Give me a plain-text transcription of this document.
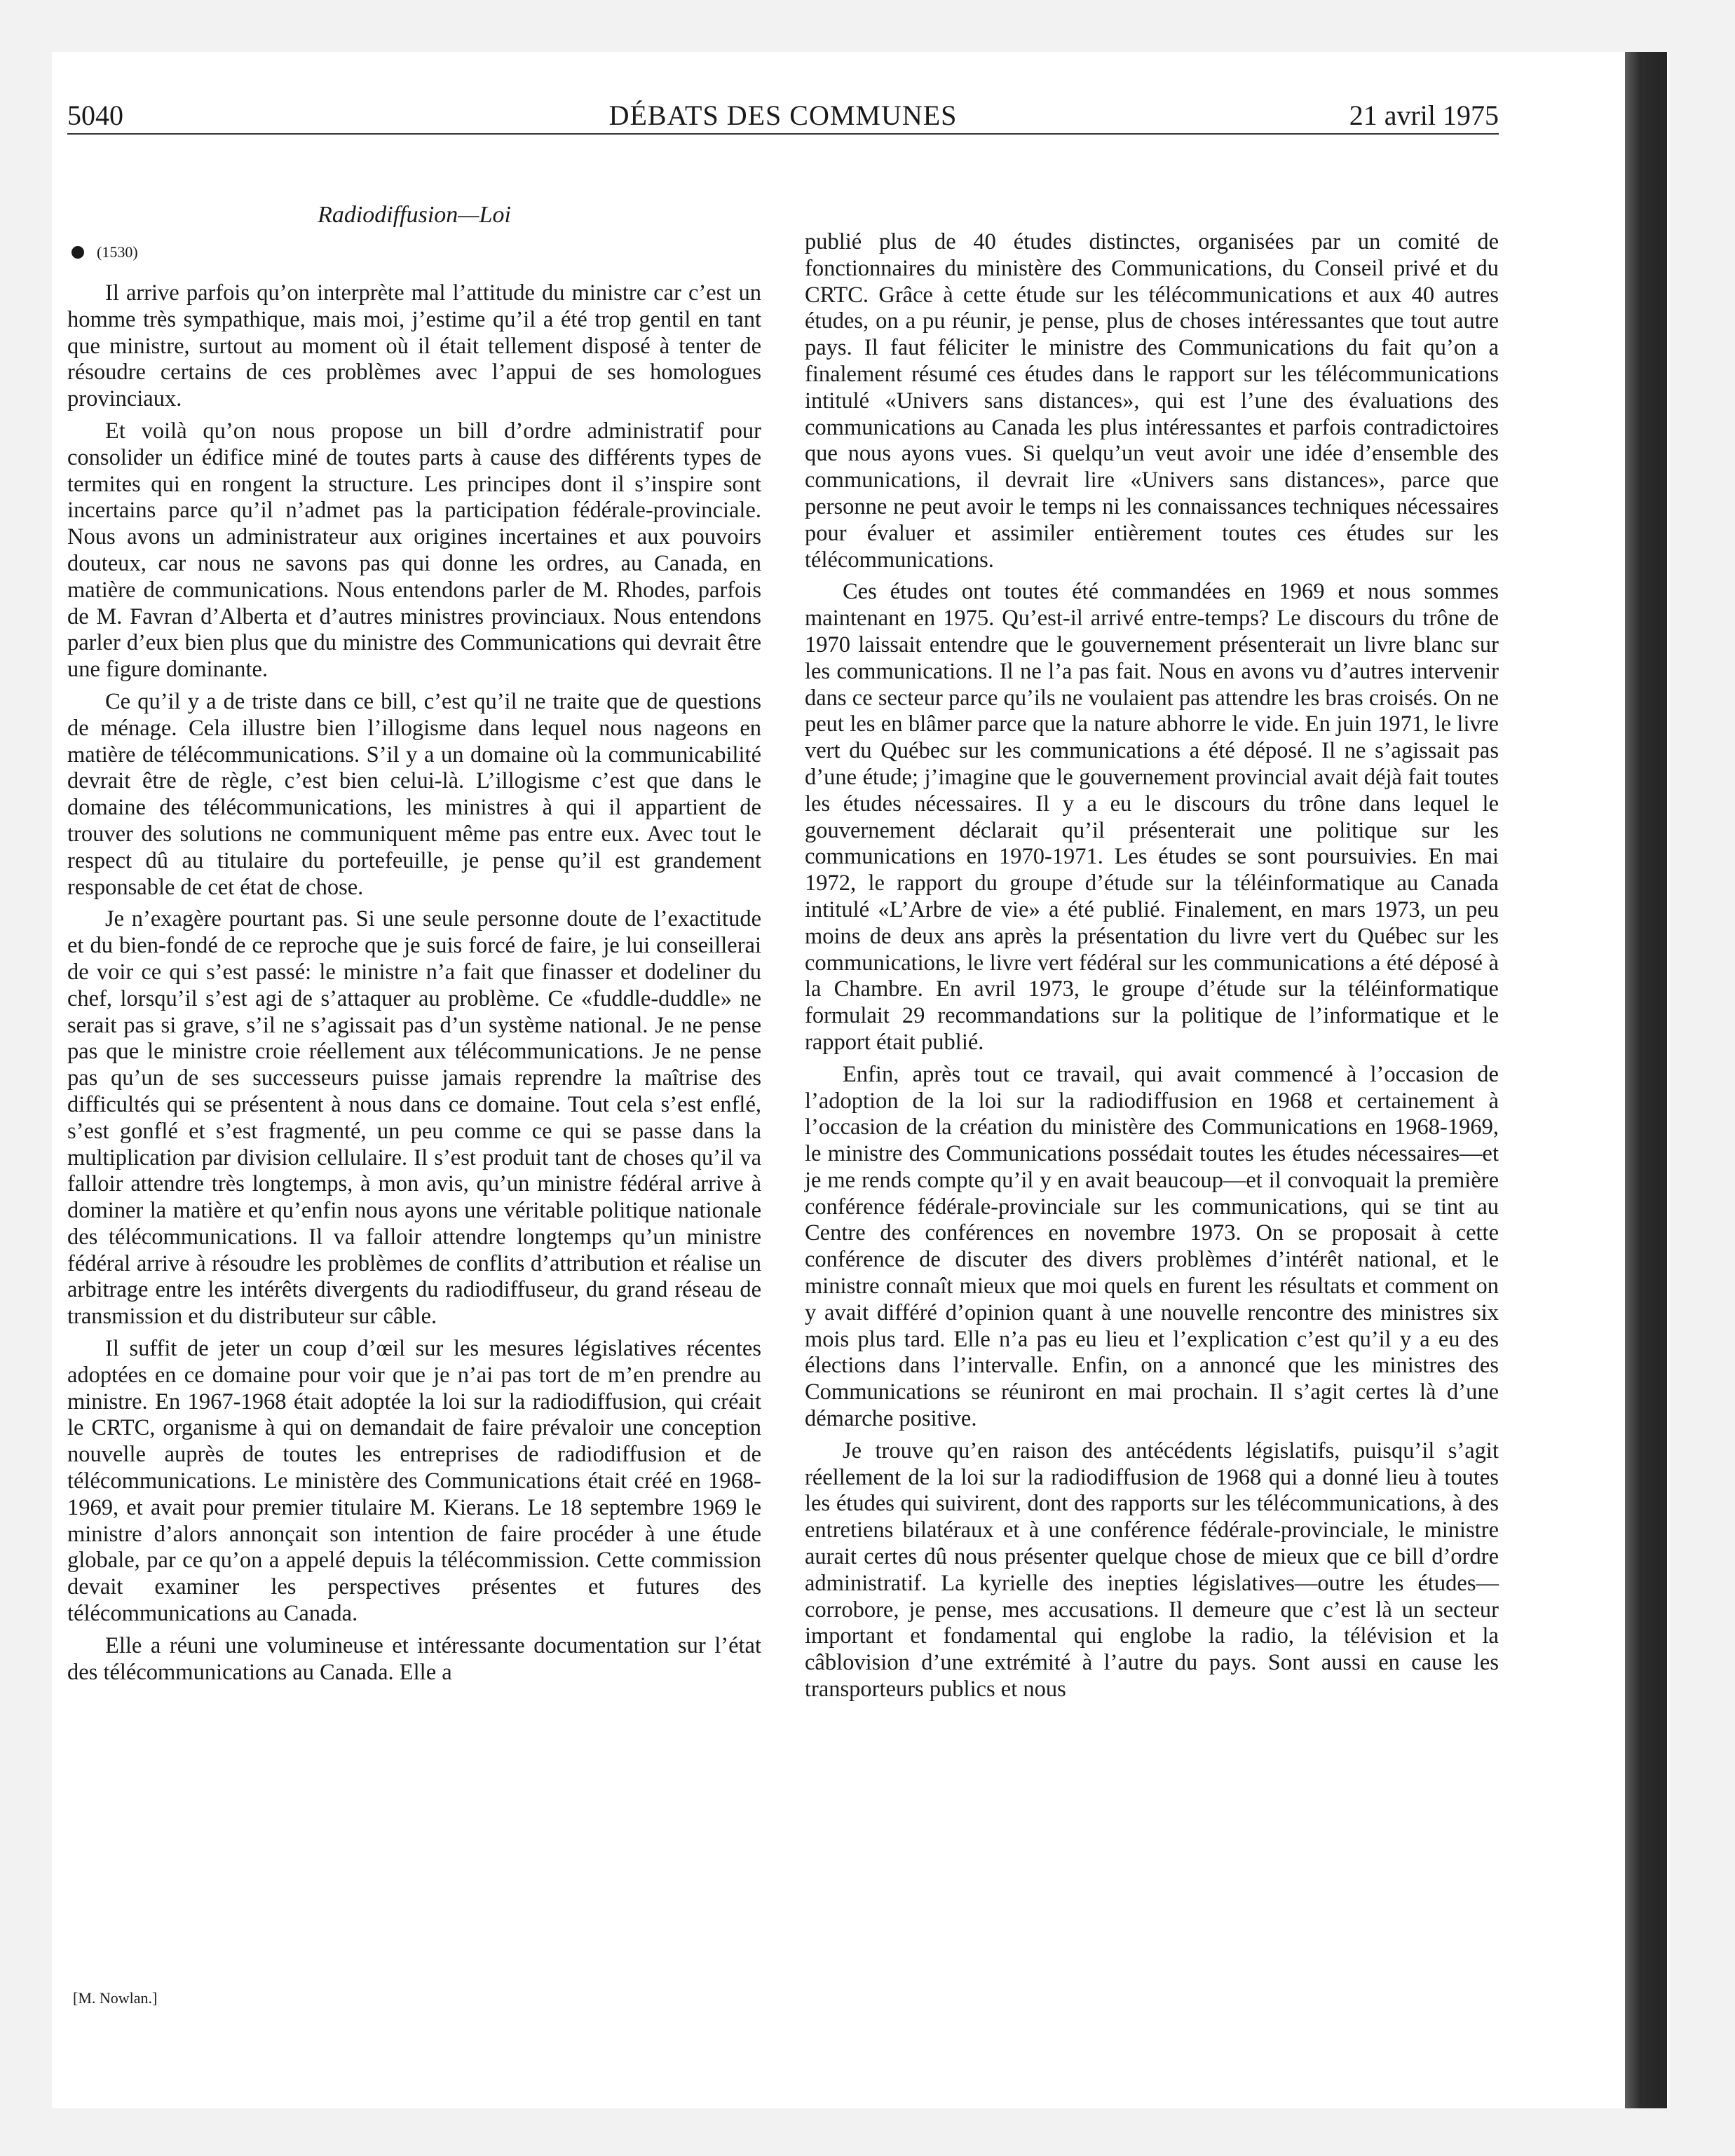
5040	DÉBATS DES COMMUNES	21 avril 1975
Radiodiffusion—Loi
(1530)

Il arrive parfois qu’on interprète mal l’attitude du ministre car c’est un homme très sympathique, mais moi, j’estime qu’il a été trop gentil en tant que ministre, surtout au moment où il était tellement disposé à tenter de résoudre certains de ces problèmes avec l’appui de ses homologues provinciaux.

Et voilà qu’on nous propose un bill d’ordre administratif pour consolider un édifice miné de toutes parts à cause des différents types de termites qui en rongent la structure. Les principes dont il s’inspire sont incertains parce qu’il n’admet pas la participation fédérale-provinciale. Nous avons un administrateur aux origines incertaines et aux pouvoirs douteux, car nous ne savons pas qui donne les ordres, au Canada, en matière de communications. Nous entendons parler de M. Rhodes, parfois de M. Favran d’Alberta et d’autres ministres provinciaux. Nous entendons parler d’eux bien plus que du ministre des Communications qui devrait être une figure dominante.

Ce qu’il y a de triste dans ce bill, c’est qu’il ne traite que de questions de ménage. Cela illustre bien l’illogisme dans lequel nous nageons en matière de télécommunications. S’il y a un domaine où la communicabilité devrait être de règle, c’est bien celui-là. L’illogisme c’est que dans le domaine des télécommunications, les ministres à qui il appartient de trouver des solutions ne communiquent même pas entre eux. Avec tout le respect dû au titulaire du portefeuille, je pense qu’il est grandement responsable de cet état de chose.

Je n’exagère pourtant pas. Si une seule personne doute de l’exactitude et du bien-fondé de ce reproche que je suis forcé de faire, je lui conseillerai de voir ce qui s’est passé: le ministre n’a fait que finasser et dodeliner du chef, lorsqu’il s’est agi de s’attaquer au problème. Ce «fuddle-duddle» ne serait pas si grave, s’il ne s’agissait pas d’un système national. Je ne pense pas que le ministre croie réellement aux télécommunications. Je ne pense pas qu’un de ses successeurs puisse jamais reprendre la maîtrise des difficultés qui se présentent à nous dans ce domaine. Tout cela s’est enflé, s’est gonflé et s’est fragmenté, un peu comme ce qui se passe dans la multiplication par division cellulaire. Il s’est produit tant de choses qu’il va falloir attendre très longtemps, à mon avis, qu’un ministre fédéral arrive à dominer la matière et qu’enfin nous ayons une véritable politique nationale des télécommunications. Il va falloir attendre longtemps qu’un ministre fédéral arrive à résoudre les problèmes de conflits d’attribution et réalise un arbitrage entre les intérêts divergents du radiodiffuseur, du grand réseau de transmission et du distributeur sur câble.

Il suffit de jeter un coup d’œil sur les mesures législatives récentes adoptées en ce domaine pour voir que je n’ai pas tort de m’en prendre au ministre. En 1967-1968 était adoptée la loi sur la radiodiffusion, qui créait le CRTC, organisme à qui on demandait de faire prévaloir une conception nouvelle auprès de toutes les entreprises de radiodiffusion et de télécommunications. Le ministère des Communications était créé en 1968-1969, et avait pour premier titulaire M. Kierans. Le 18 septembre 1969 le ministre d’alors annonçait son intention de faire procéder à une étude globale, par ce qu’on a appelé depuis la télécommission. Cette commission devait examiner les perspectives présentes et futures des télécommunications au Canada.

Elle a réuni une volumineuse et intéressante documentation sur l’état des télécommunications au Canada. Elle a

publié plus de 40 études distinctes, organisées par un comité de fonctionnaires du ministère des Communications, du Conseil privé et du CRTC. Grâce à cette étude sur les télécommunications et aux 40 autres études, on a pu réunir, je pense, plus de choses intéressantes que tout autre pays. Il faut féliciter le ministre des Communications du fait qu’on a finalement résumé ces études dans le rapport sur les télécommunications intitulé «Univers sans distances», qui est l’une des évaluations des communications au Canada les plus intéressantes et parfois contradictoires que nous ayons vues. Si quelqu’un veut avoir une idée d’ensemble des communications, il devrait lire «Univers sans distances», parce que personne ne peut avoir le temps ni les connaissances techniques nécessaires pour évaluer et assimiler entièrement toutes ces études sur les télécommunications.

Ces études ont toutes été commandées en 1969 et nous sommes maintenant en 1975. Qu’est-il arrivé entre-temps? Le discours du trône de 1970 laissait entendre que le gouvernement présenterait un livre blanc sur les communications. Il ne l’a pas fait. Nous en avons vu d’autres intervenir dans ce secteur parce qu’ils ne voulaient pas attendre les bras croisés. On ne peut les en blâmer parce que la nature abhorre le vide. En juin 1971, le livre vert du Québec sur les communications a été déposé. Il ne s’agissait pas d’une étude; j’imagine que le gouvernement provincial avait déjà fait toutes les études nécessaires. Il y a eu le discours du trône dans lequel le gouvernement déclarait qu’il présenterait une politique sur les communications en 1970-1971. Les études se sont poursuivies. En mai 1972, le rapport du groupe d’étude sur la téléinformatique au Canada intitulé «L’Arbre de vie» a été publié. Finalement, en mars 1973, un peu moins de deux ans après la présentation du livre vert du Québec sur les communications, le livre vert fédéral sur les communications a été déposé à la Chambre. En avril 1973, le groupe d’étude sur la téléinformatique formulait 29 recommandations sur la politique de l’informatique et le rapport était publié.

Enfin, après tout ce travail, qui avait commencé à l’occasion de l’adoption de la loi sur la radiodiffusion en 1968 et certainement à l’occasion de la création du ministère des Communications en 1968-1969, le ministre des Communications possédait toutes les études nécessaires—et je me rends compte qu’il y en avait beaucoup—et il convoquait la première conférence fédérale-provinciale sur les communications, qui se tint au Centre des conférences en novembre 1973. On se proposait à cette conférence de discuter des divers problèmes d’intérêt national, et le ministre connaît mieux que moi quels en furent les résultats et comment on y avait différé d’opinion quant à une nouvelle rencontre des ministres six mois plus tard. Elle n’a pas eu lieu et l’explication c’est qu’il y a eu des élections dans l’intervalle. Enfin, on a annoncé que les ministres des Communications se réuniront en mai prochain. Il s’agit certes là d’une démarche positive.

Je trouve qu’en raison des antécédents législatifs, puisqu’il s’agit réellement de la loi sur la radiodiffusion de 1968 qui a donné lieu à toutes les études qui suivirent, dont des rapports sur les télécommunications, à des entretiens bilatéraux et à une conférence fédérale-provinciale, le ministre aurait certes dû nous présenter quelque chose de mieux que ce bill d’ordre administratif. La kyrielle des inepties législatives—outre les études—corrobore, je pense, mes accusations. Il demeure que c’est là un secteur important et fondamental qui englobe la radio, la télévision et la câblovision d’une extrémité à l’autre du pays. Sont aussi en cause les transporteurs publics et nous

[M. Nowlan.]
